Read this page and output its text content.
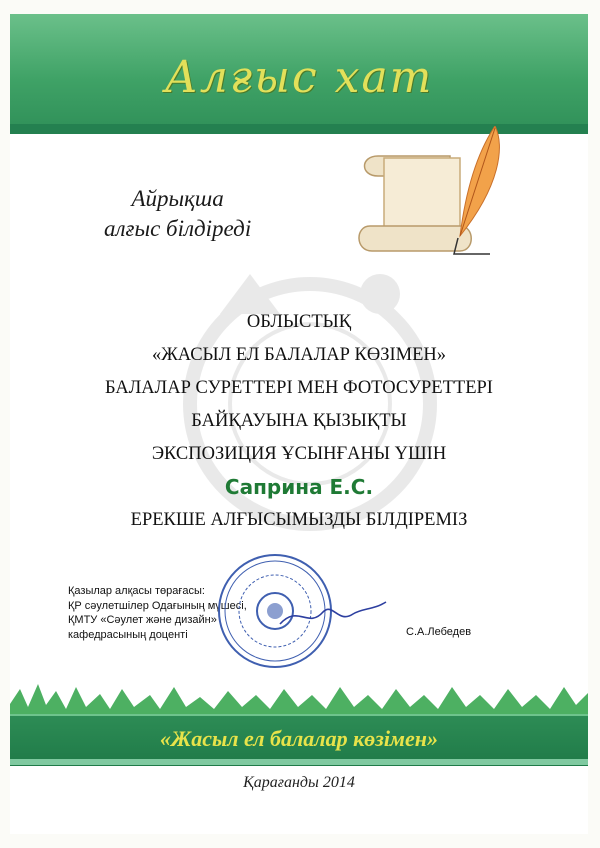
Алғыс хат
Айрықша
алғыс білдіреді
ОБЛЫСТЫҚ
«ЖАСЫЛ ЕЛ БАЛАЛАР КӨЗІМЕН»
БАЛАЛАР СУРЕТТЕРІ МЕН ФОТОСУРЕТТЕРІ
БАЙҚАУЫНА ҚЫЗЫҚТЫ
ЭКСПОЗИЦИЯ ҰСЫНҒАНЫ ҮШІН
Саприна Е.С.
ЕРЕКШЕ АЛҒЫСЫМЫЗДЫ БІЛДІРЕМІЗ
Қазылар алқасы төрағасы:
ҚР сәулетшілер Одағының мүшесі,
ҚМТУ «Сәулет және дизайн»
кафедрасының доценті	С.А.Лебедев
«Жасыл ел балалар көзімен»
Қарағанды 2014
